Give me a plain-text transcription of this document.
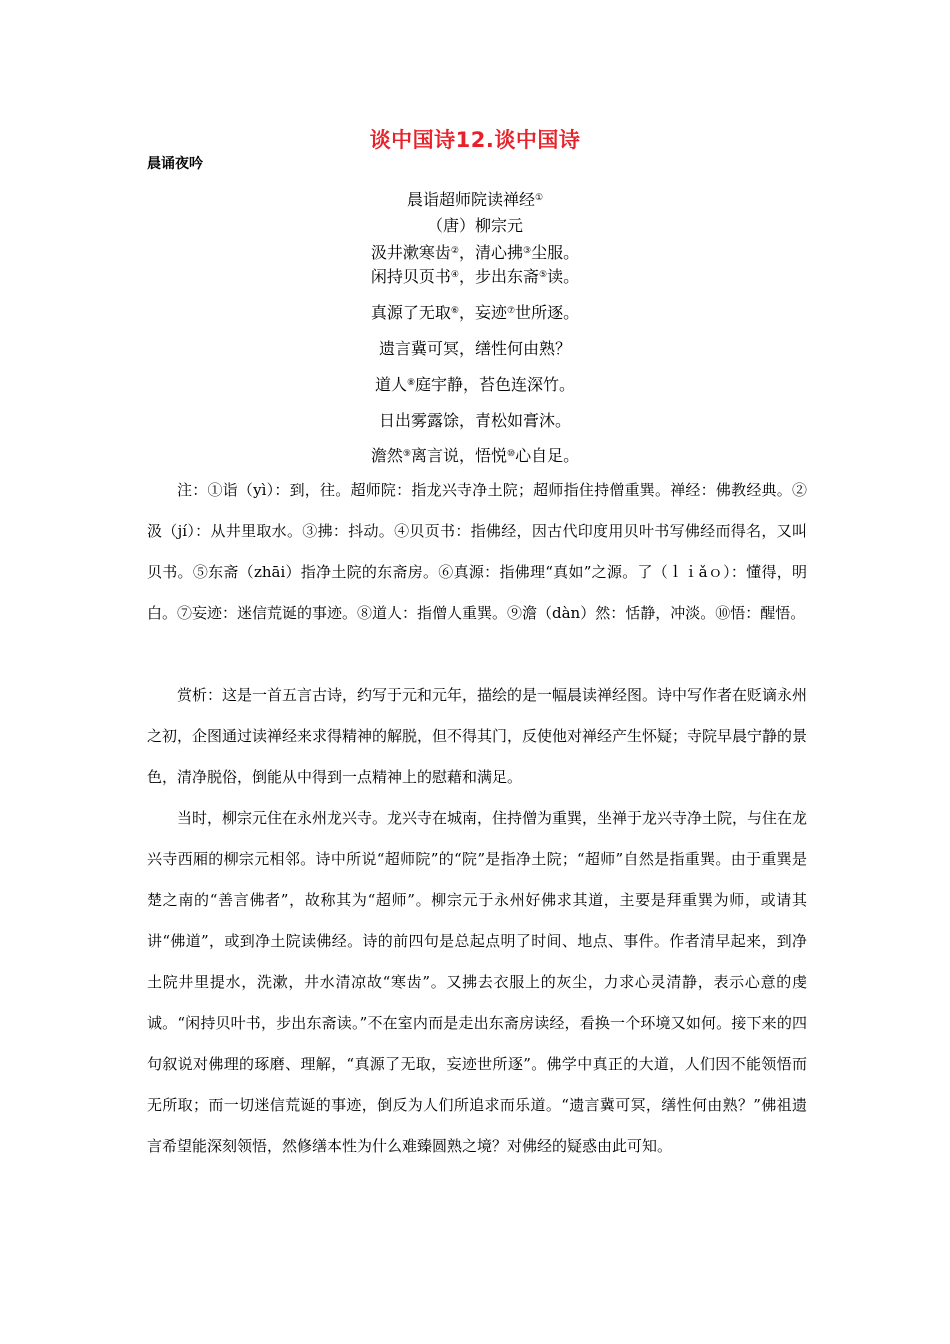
谈中国诗12.谈中国诗
晨诵夜吟
晨诣超师院读禅经①
（唐）柳宗元
汲井漱寒齿②，清心拂③尘服。
闲持贝页书④，步出东斋⑤读。
真源了无取⑥，妄迹⑦世所逐。
遗言冀可冥，缮性何由熟？
道人⑧庭宇静，苔色连深竹。
日出雾露馀，青松如膏沐。
澹然⑨离言说，悟悦⑩心自足。

注：①诣（yì）：到，往。超师院：指龙兴寺净土院；超师指住持僧重巽。禅经：佛教经典。②汲（jí）：从井里取水。③拂：抖动。④贝页书：指佛经，因古代印度用贝叶书写佛经而得名，又叫贝书。⑤东斋（zhāi）指净土院的东斋房。⑥真源：指佛理“真如”之源。了（ｌｉǎｏ）：懂得，明白。⑦妄迹：迷信荒诞的事迹。⑧道人：指僧人重巽。⑨澹（dàn）然：恬静，冲淡。⑩悟：醒悟。

赏析：这是一首五言古诗，约写于元和元年，描绘的是一幅晨读禅经图。诗中写作者在贬谪永州之初，企图通过读禅经来求得精神的解脱，但不得其门，反使他对禅经产生怀疑；寺院早晨宁静的景色，清净脱俗，倒能从中得到一点精神上的慰藉和满足。

当时，柳宗元住在永州龙兴寺。龙兴寺在城南，住持僧为重巽，坐禅于龙兴寺净土院，与住在龙兴寺西厢的柳宗元相邻。诗中所说“超师院”的“院”是指净土院；“超师”自然是指重巽。由于重巽是楚之南的“善言佛者”，故称其为“超师”。柳宗元于永州好佛求其道，主要是拜重巽为师，或请其讲“佛道”，或到净土院读佛经。诗的前四句是总起点明了时间、地点、事件。作者清早起来，到净土院井里提水，洗漱，井水清凉故“寒齿”。又拂去衣服上的灰尘，力求心灵清静，表示心意的虔诚。“闲持贝叶书，步出东斋读。”不在室内而是走出东斋房读经，看换一个环境又如何。接下来的四句叙说对佛理的琢磨、理解，“真源了无取，妄迹世所逐”。佛学中真正的大道，人们因不能领悟而无所取；而一切迷信荒诞的事迹，倒反为人们所追求而乐道。“遗言冀可冥，缮性何由熟？”佛祖遗言希望能深刻领悟，然修缮本性为什么难臻圆熟之境？对佛经的疑惑由此可知。
